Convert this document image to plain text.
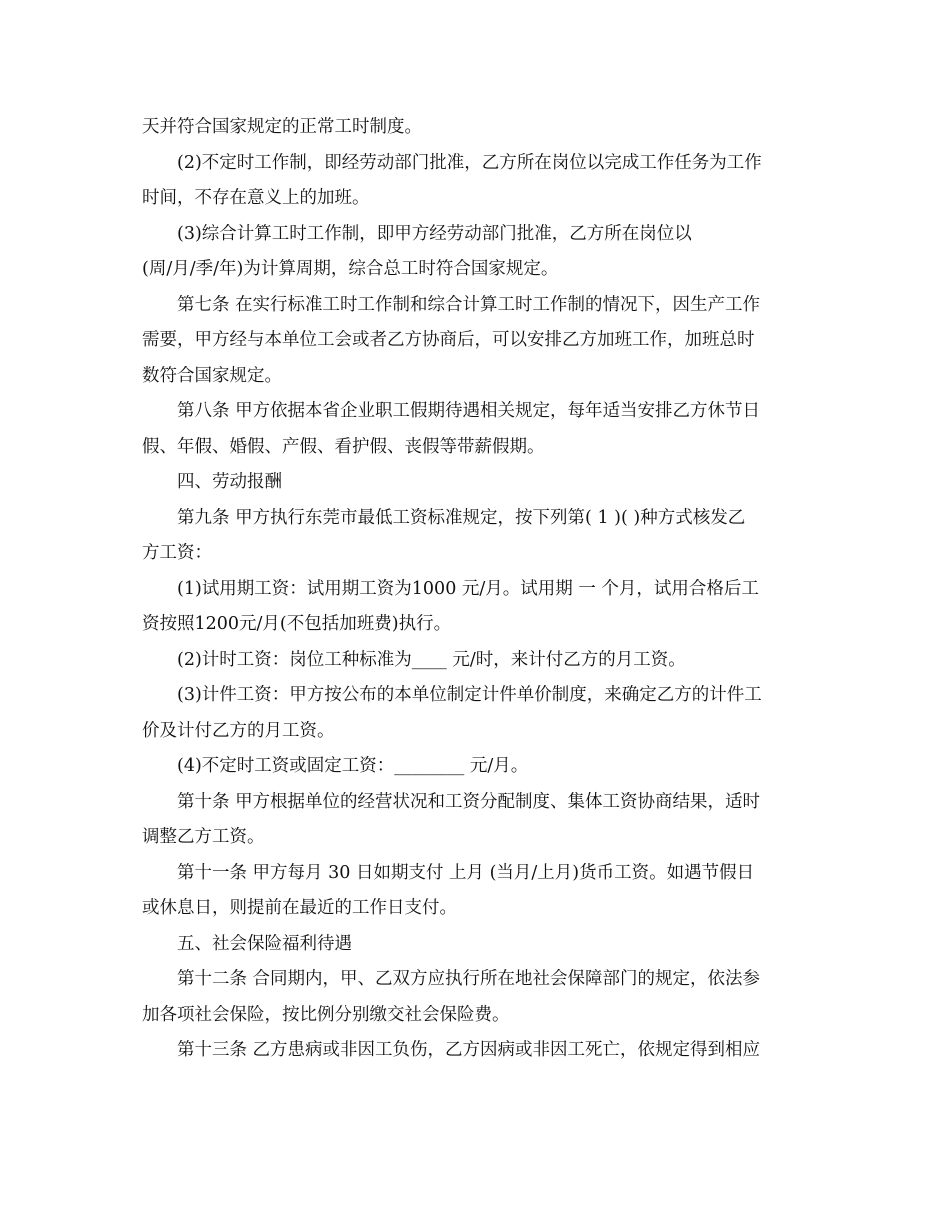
天并符合国家规定的正常工时制度。

(2)不定时工作制，即经劳动部门批准，乙方所在岗位以完成工作任务为工作

时间，不存在意义上的加班。

(3)综合计算工时工作制，即甲方经劳动部门批准，乙方所在岗位以

(周/月/季/年)为计算周期，综合总工时符合国家规定。

第七条 在实行标准工时工作制和综合计算工时工作制的情况下，因生产工作

需要，甲方经与本单位工会或者乙方协商后，可以安排乙方加班工作，加班总时

数符合国家规定。

第八条 甲方依据本省企业职工假期待遇相关规定，每年适当安排乙方休节日

假、年假、婚假、产假、看护假、丧假等带薪假期。

四、劳动报酬

第九条 甲方执行东莞市最低工资标准规定，按下列第( 1 )( )种方式核发乙

方工资：

(1)试用期工资：试用期工资为1000 元/月。试用期 一 个月，试用合格后工

资按照1200元/月(不包括加班费)执行。

(2)计时工资：岗位工种标准为____ 元/时，来计付乙方的月工资。

(3)计件工资：甲方按公布的本单位制定计件单价制度，来确定乙方的计件工

价及计付乙方的月工资。

(4)不定时工资或固定工资：________ 元/月。

第十条 甲方根据单位的经营状况和工资分配制度、集体工资协商结果，适时

调整乙方工资。

第十一条 甲方每月 30 日如期支付 上月 (当月/上月)货币工资。如遇节假日

或休息日，则提前在最近的工作日支付。

五、社会保险福利待遇

第十二条 合同期内，甲、乙双方应执行所在地社会保障部门的规定，依法参

加各项社会保险，按比例分别缴交社会保险费。

第十三条 乙方患病或非因工负伤，乙方因病或非因工死亡，依规定得到相应
